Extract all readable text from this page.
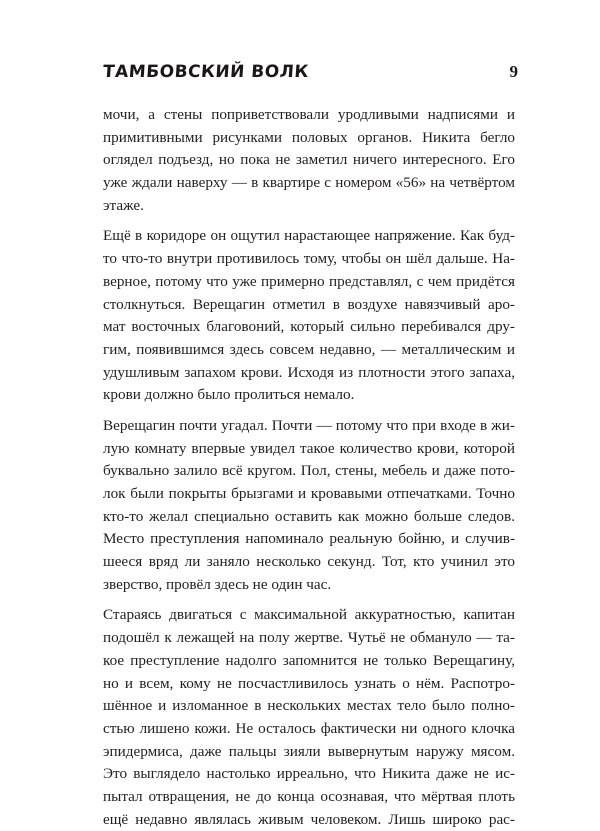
ТАМБОВСКИЙ ВОЛК	9
мочи, а стены поприветствовали уродливыми надписями и
примитивными рисунками половых органов. Никита бегло
оглядел подъезд, но пока не заметил ничего интересного. Его
уже ждали наверху — в квартире с номером «56» на четвёртом
этаже.
Ещё в коридоре он ощутил нарастающее напряжение. Как буд-
то что-то внутри противилось тому, чтобы он шёл дальше. На-
верное, потому что уже примерно представлял, с чем придётся
столкнуться. Верещагин отметил в воздухе навязчивый аро-
мат восточных благовоний, который сильно перебивался дру-
гим, появившимся здесь совсем недавно, — металлическим и
удушливым запахом крови. Исходя из плотности этого запаха,
крови должно было пролиться немало.
Верещагин почти угадал. Почти — потому что при входе в жи-
лую комнату впервые увидел такое количество крови, которой
буквально залило всё кругом. Пол, стены, мебель и даже пото-
лок были покрыты брызгами и кровавыми отпечатками. Точно
кто-то желал специально оставить как можно больше следов.
Место преступления напоминало реальную бойню, и случив-
шееся вряд ли заняло несколько секунд. Тот, кто учинил это
зверство, провёл здесь не один час.
Стараясь двигаться с максимальной аккуратностью, капитан
подошёл к лежащей на полу жертве. Чутьё не обмануло — та-
кое преступление надолго запомнится не только Верещагину,
но и всем, кому не посчастливилось узнать о нём. Распотро-
шённое и изломанное в нескольких местах тело было полно-
стью лишено кожи. Не осталось фактически ни одного клочка
эпидермиса, даже пальцы зияли вывернутым наружу мясом.
Это выглядело настолько ирреально, что Никита даже не ис-
пытал отвращения, не до конца осознавая, что мёртвая плоть
ещё недавно являлась живым человеком. Лишь широко рас-
